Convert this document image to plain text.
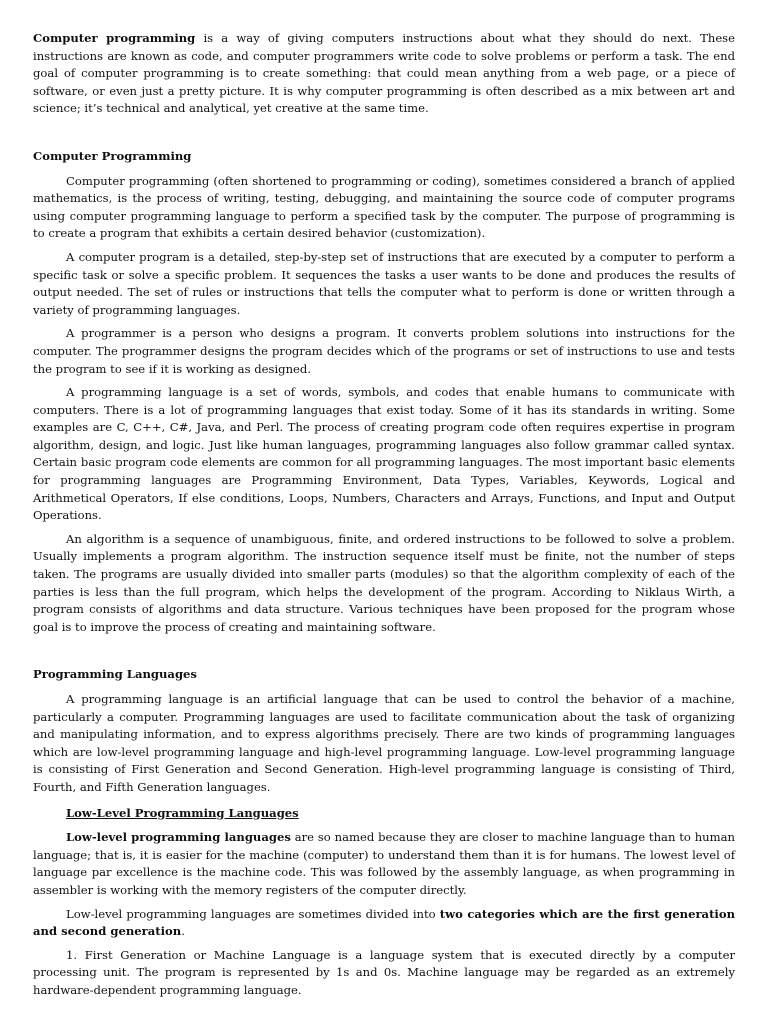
Computer programming is a way of giving computers instructions about what they should do next. These instructions are known as code, and computer programmers write code to solve problems or perform a task. The end goal of computer programming is to create something: that could mean anything from a web page, or a piece of software, or even just a pretty picture. It is why computer programming is often described as a mix between art and science; it’s technical and analytical, yet creative at the same time.

Computer Programming

Computer programming (often shortened to programming or coding), sometimes considered a branch of applied mathematics, is the process of writing, testing, debugging, and maintaining the source code of computer programs using computer programming language to perform a specified task by the computer. The purpose of programming is to create a program that exhibits a certain desired behavior (customization).

A computer program is a detailed, step-by-step set of instructions that are executed by a computer to perform a specific task or solve a specific problem. It sequences the tasks a user wants to be done and produces the results of output needed. The set of rules or instructions that tells the computer what to perform is done or written through a variety of programming languages.

A programmer is a person who designs a program. It converts problem solutions into instructions for the computer. The programmer designs the program decides which of the programs or set of instructions to use and tests the program to see if it is working as designed.

A programming language is a set of words, symbols, and codes that enable humans to communicate with computers. There is a lot of programming languages that exist today. Some of it has its standards in writing. Some examples are C, C++, C#, Java, and Perl. The process of creating program code often requires expertise in program algorithm, design, and logic. Just like human languages, programming languages also follow grammar called syntax. Certain basic program code elements are common for all programming languages. The most important basic elements for programming languages are Programming Environment, Data Types, Variables, Keywords, Logical and Arithmetical Operators, If else conditions, Loops, Numbers, Characters and Arrays, Functions, and Input and Output Operations.

An algorithm is a sequence of unambiguous, finite, and ordered instructions to be followed to solve a problem. Usually implements a program algorithm. The instruction sequence itself must be finite, not the number of steps taken. The programs are usually divided into smaller parts (modules) so that the algorithm complexity of each of the parties is less than the full program, which helps the development of the program. According to Niklaus Wirth, a program consists of algorithms and data structure. Various techniques have been proposed for the program whose goal is to improve the process of creating and maintaining software.

Programming Languages

A programming language is an artificial language that can be used to control the behavior of a machine, particularly a computer. Programming languages are used to facilitate communication about the task of organizing and manipulating information, and to express algorithms precisely. There are two kinds of programming languages which are low-level programming language and high-level programming language. Low-level programming language is consisting of First Generation and Second Generation. High-level programming language is consisting of Third, Fourth, and Fifth Generation languages.

Low-Level Programming Languages

Low-level programming languages are so named because they are closer to machine language than to human language; that is, it is easier for the machine (computer) to understand them than it is for humans. The lowest level of language par excellence is the machine code. This was followed by the assembly language, as when programming in assembler is working with the memory registers of the computer directly.

Low-level programming languages are sometimes divided into two categories which are the first generation and second generation.

1. First Generation or Machine Language is a language system that is executed directly by a computer processing unit. The program is represented by 1s and 0s. Machine language may be regarded as an extremely hardware-dependent programming language.
